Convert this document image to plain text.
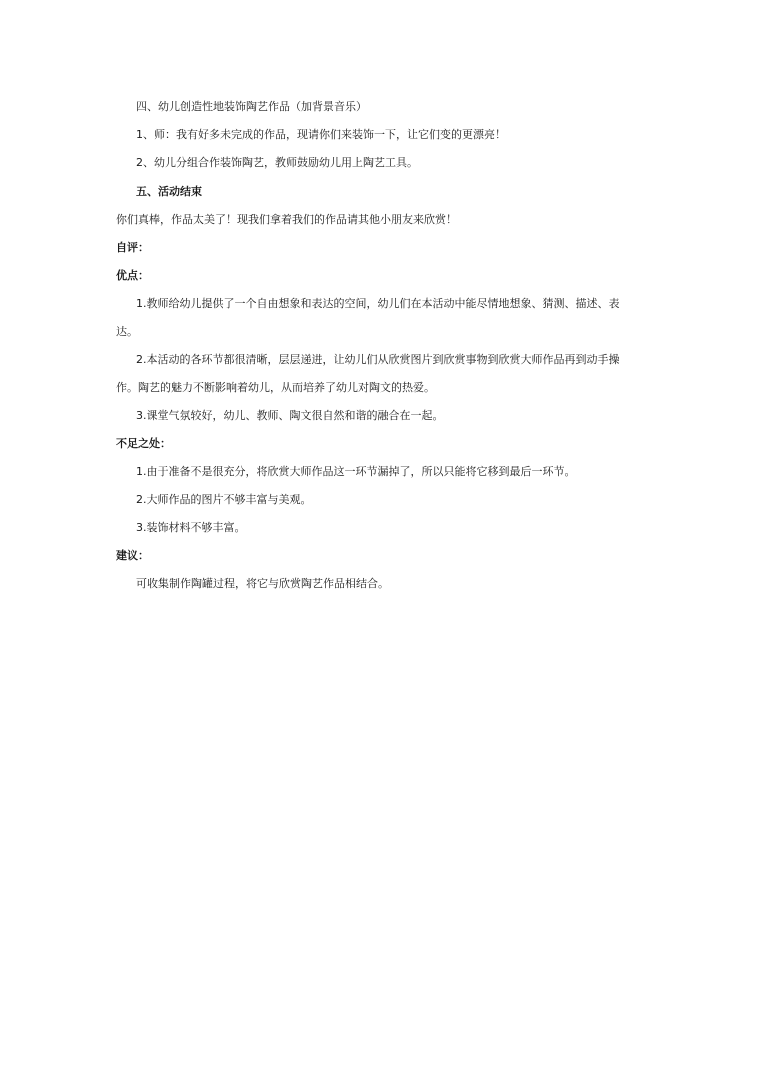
四、幼儿创造性地装饰陶艺作品（加背景音乐）
1、师：我有好多未完成的作品，现请你们来装饰一下，让它们变的更漂亮！
2、幼儿分组合作装饰陶艺，教师鼓励幼儿用上陶艺工具。
五、活动结束
你们真棒，作品太美了！现我们拿着我们的作品请其他小朋友来欣赏！
自评：
优点：
1.教师给幼儿提供了一个自由想象和表达的空间，幼儿们在本活动中能尽情地想象、猜测、描述、表
达。
2.本活动的各环节都很清晰，层层递进，让幼儿们从欣赏图片到欣赏事物到欣赏大师作品再到动手操
作。陶艺的魅力不断影响着幼儿，从而培养了幼儿对陶文的热爱。
3.课堂气氛较好，幼儿、教师、陶文很自然和谐的融合在一起。
不足之处：
1.由于准备不是很充分，将欣赏大师作品这一环节漏掉了，所以只能将它移到最后一环节。
2.大师作品的图片不够丰富与美观。
3.装饰材料不够丰富。
建议：
可收集制作陶罐过程，将它与欣赏陶艺作品相结合。
